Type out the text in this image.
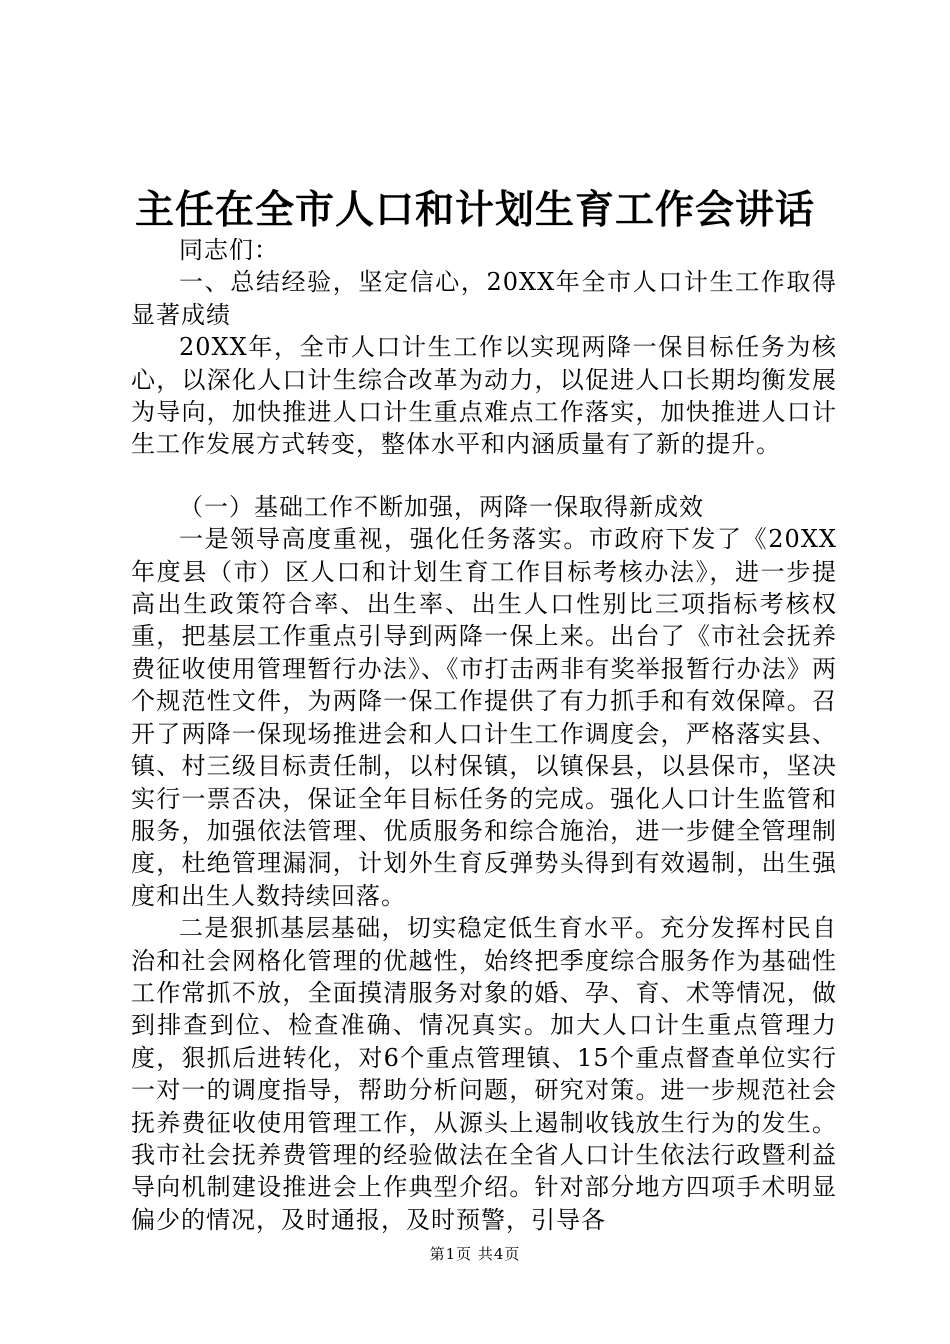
主任在全市人口和计划生育工作会讲话

同志们：

一、总结经验，坚定信心，20XX年全市人口计生工作取得显著成绩

20XX年，全市人口计生工作以实现两降一保目标任务为核心，以深化人口计生综合改革为动力，以促进人口长期均衡发展为导向，加快推进人口计生重点难点工作落实，加快推进人口计生工作发展方式转变，整体水平和内涵质量有了新的提升。

（一）基础工作不断加强，两降一保取得新成效

一是领导高度重视，强化任务落实。市政府下发了《20XX年度县（市）区人口和计划生育工作目标考核办法》，进一步提高出生政策符合率、出生率、出生人口性别比三项指标考核权重，把基层工作重点引导到两降一保上来。出台了《市社会抚养费征收使用管理暂行办法》、《市打击两非有奖举报暂行办法》两个规范性文件，为两降一保工作提供了有力抓手和有效保障。召开了两降一保现场推进会和人口计生工作调度会，严格落实县、镇、村三级目标责任制，以村保镇，以镇保县，以县保市，坚决实行一票否决，保证全年目标任务的完成。强化人口计生监管和服务，加强依法管理、优质服务和综合施治，进一步健全管理制度，杜绝管理漏洞，计划外生育反弹势头得到有效遏制，出生强度和出生人数持续回落。

二是狠抓基层基础，切实稳定低生育水平。充分发挥村民自治和社会网格化管理的优越性，始终把季度综合服务作为基础性工作常抓不放，全面摸清服务对象的婚、孕、育、术等情况，做到排查到位、检查准确、情况真实。加大人口计生重点管理力度，狠抓后进转化，对6个重点管理镇、15个重点督查单位实行一对一的调度指导，帮助分析问题，研究对策。进一步规范社会抚养费征收使用管理工作，从源头上遏制收钱放生行为的发生。我市社会抚养费管理的经验做法在全省人口计生依法行政暨利益导向机制建设推进会上作典型介绍。针对部分地方四项手术明显偏少的情况，及时通报，及时预警，引导各

第1页 共4页
